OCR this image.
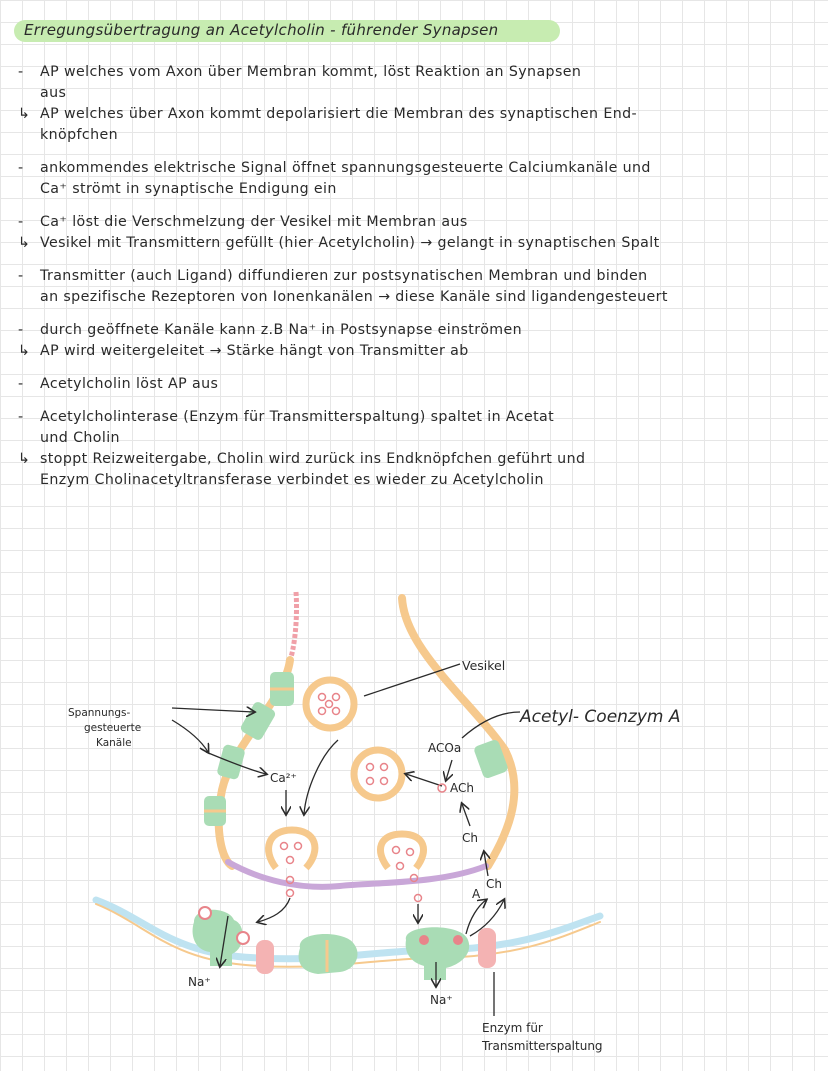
Erregungsübertragung an Acetylcholin - führender Synapsen
- AP welches vom Axon über Membran kommt, löst Reaktion an Synapsen
aus
↳ AP welches über Axon kommt depolarisiert die Membran des synaptischen End-
knöpfchen
- ankommendes elektrische Signal öffnet spannungsgesteuerte Calciumkanäle und
Ca⁺ strömt in synaptische Endigung ein
- Ca⁺ löst die Verschmelzung der Vesikel mit Membran aus
↳ Vesikel mit Transmittern gefüllt (hier Acetylcholin) → gelangt in synaptischen Spalt
- Transmitter (auch Ligand) diffundieren zur postsynatischen Membran und binden
an spezifische Rezeptoren von Ionenkanälen → diese Kanäle sind ligandengesteuert
- durch geöffnete Kanäle kann z.B Na⁺ in Postsynapse einströmen
↳ AP wird weitergeleitet → Stärke hängt von Transmitter ab
- Acetylcholin löst AP aus
- Acetylcholinterase (Enzym für Transmitterspaltung) spaltet in Acetat
und Cholin
↳ stoppt Reizweitergabe, Cholin wird zurück ins Endknöpfchen geführt und
Enzym Cholinacetyltransferase verbindet es wieder zu Acetylcholin
Vesikel
Acetyl- Coenzym A
Spannungs-
gesteuerte
Kanäle
Ca²⁺
ACOa
ACh
Ch
A
Ch
Na⁺
Na⁺
Enzym für
Transmitterspaltung
